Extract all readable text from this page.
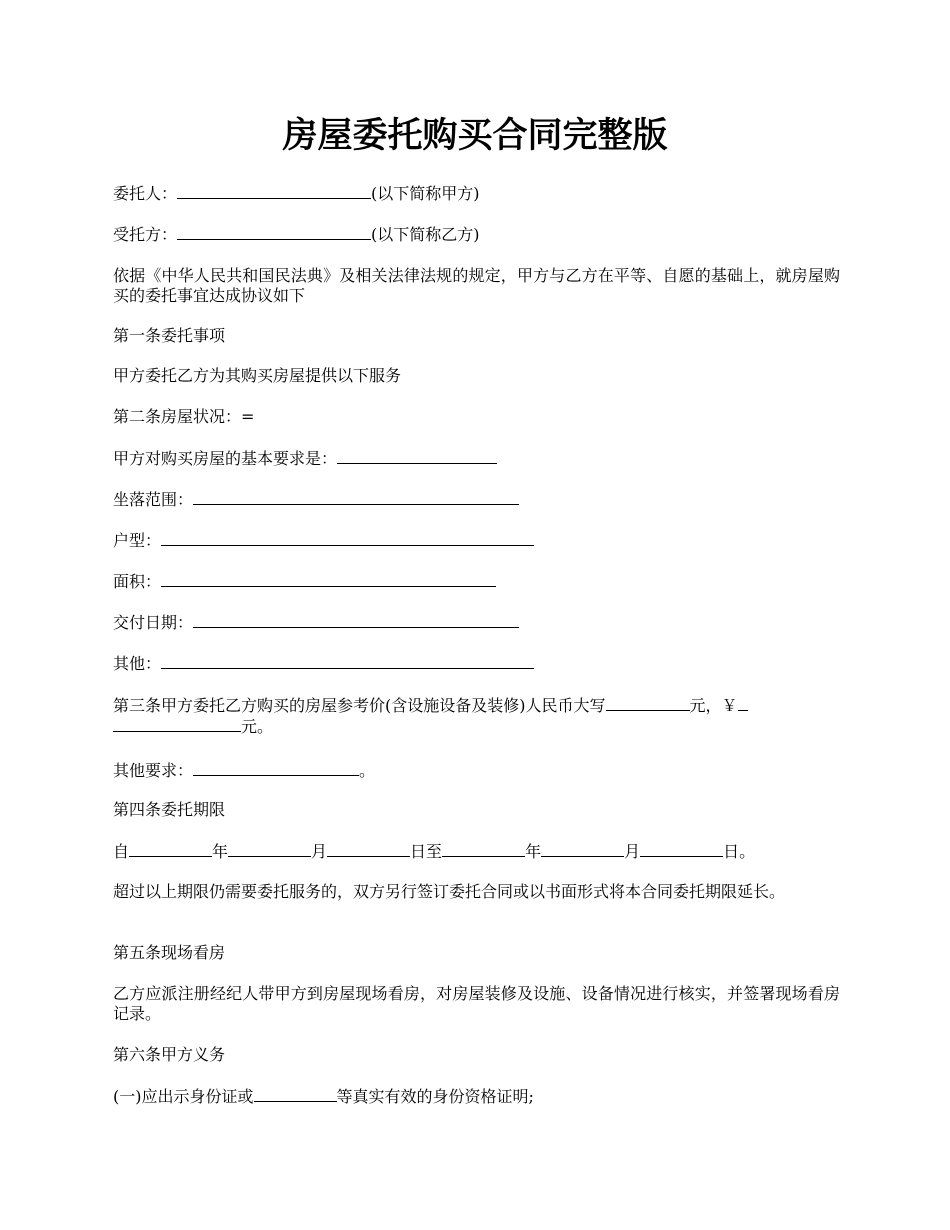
房屋委托购买合同完整版
委托人：	(以下简称甲方)
受托方：	(以下简称乙方)
依据《中华人民共和国民法典》及相关法律法规的规定，甲方与乙方在平等、自愿的基础上，就房屋购买的委托事宜达成协议如下
第一条委托事项
甲方委托乙方为其购买房屋提供以下服务
第二条房屋状况：=
甲方对购买房屋的基本要求是：
坐落范围：
户型：
面积：
交付日期：
其他：
第三条甲方委托乙方购买的房屋参考价(含设施设备及装修)人民币大写	元，￥
元。
其他要求：	。
第四条委托期限
自	年	月	日至	年	月	日。
超过以上期限仍需要委托服务的，双方另行签订委托合同或以书面形式将本合同委托期限延长。
第五条现场看房
乙方应派注册经纪人带甲方到房屋现场看房，对房屋装修及设施、设备情况进行核实，并签署现场看房记录。
第六条甲方义务
(一)应出示身份证或	等真实有效的身份资格证明;
